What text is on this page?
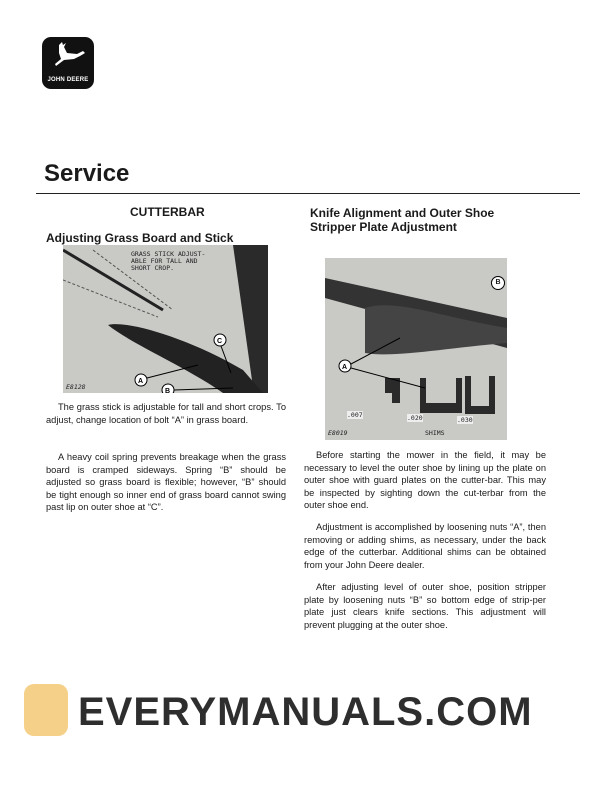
JOHN DEERE
Service
CUTTERBAR
Adjusting Grass Board and Stick
C
A
B
GRASS STICK ADJUST-
ABLE FOR TALL AND
SHORT CROP.
E8128
The grass stick is adjustable for tall and short crops. To adjust, change location of bolt “A” in grass board.
A heavy coil spring prevents breakage when the grass board is cramped sideways. Spring “B” should be adjusted so grass board is flexible; however, “B” should be tight enough so inner end of grass board cannot swing past lip on outer shoe at “C”.
Knife Alignment and Outer Shoe
Stripper Plate Adjustment
A
B
.007	.020	.030
SHIMS
E8019
Before starting the mower in the field, it may be necessary to level the outer shoe by lining up the plate on outer shoe with guard plates on the cutter-bar. This may be inspected by sighting down the cut-terbar from the outer shoe end.
Adjustment is accomplished by loosening nuts “A”, then removing or adding shims, as necessary, under the back edge of the cutterbar. Additional shims can be obtained from your John Deere dealer.
After adjusting level of outer shoe, position stripper plate by loosening nuts “B” so bottom edge of strip-per plate just clears knife sections. This adjustment will prevent plugging at the outer shoe.
EVERYMANUALS.COM
